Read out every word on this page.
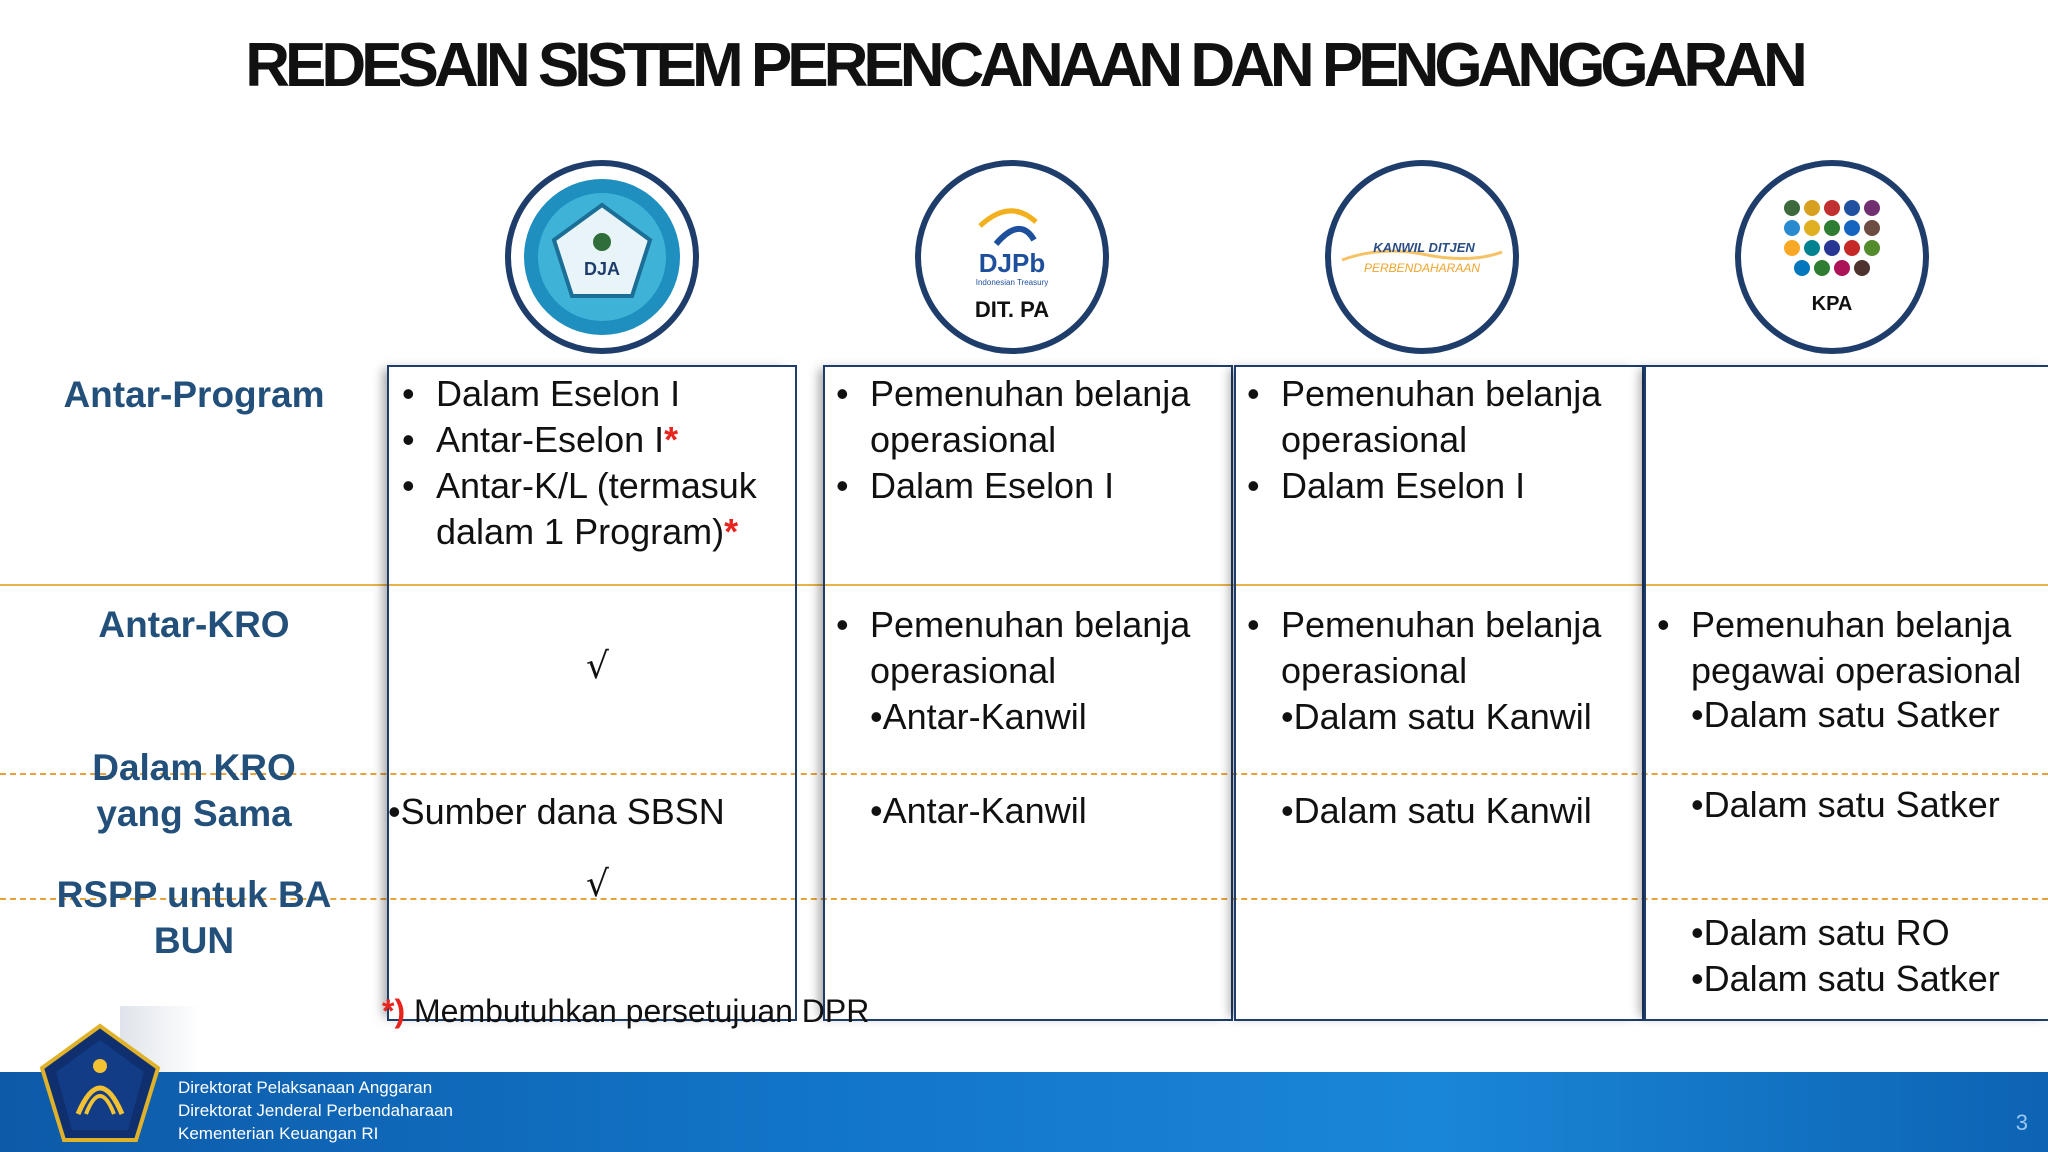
REDESAIN SISTEM PERENCANAAN DAN PENGANGGARAN
DJA	DJPb
Indonesian Treasury
DIT. PA
KANWIL DITJEN
PERBENDAHARAAN
KPA
Antar-Program
Antar-KRO
Dalam KRO yang Sama
RSPP untuk BA BUN
• Dalam Eselon I
• Antar-Eselon I*
• Antar-K/L (termasuk dalam 1 Program)*
√
•Sumber dana SBSN
√
• Pemenuhan belanja operasional
• Dalam Eselon I
• Pemenuhan belanja operasional
•Antar-Kanwil
•Antar-Kanwil
• Pemenuhan belanja operasional
• Dalam Eselon I
• Pemenuhan belanja operasional
•Dalam satu Kanwil
•Dalam satu Kanwil
• Pemenuhan belanja pegawai operasional
•Dalam satu Satker
•Dalam satu Satker
•Dalam satu RO
•Dalam satu Satker
*) Membutuhkan persetujuan DPR
Direktorat Pelaksanaan Anggaran
Direktorat Jenderal Perbendaharaan
Kementerian Keuangan RI	3
